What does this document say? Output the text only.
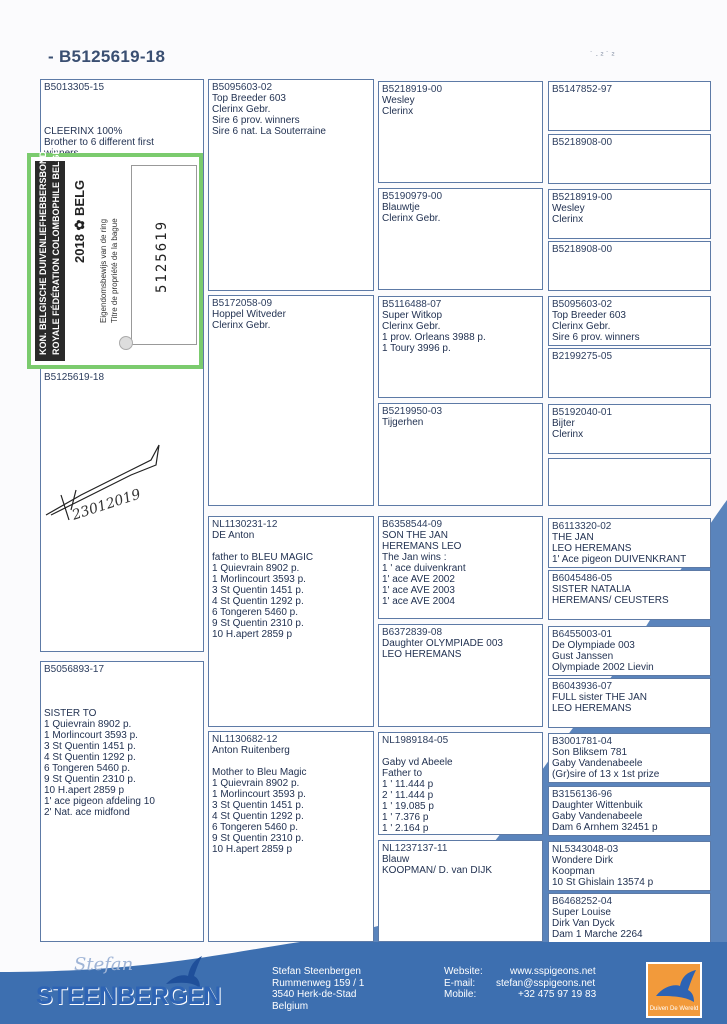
- B5125619-18	˙ ∙ ² ˙ ²
B5013305-15
CLEERINX 100%
Brother to 6 different first
B5125619-18
23012019
KON. BELGISCHE DUIVENLIEFHEBBERSBOND ROYALE FÉDÉRATION COLOMBOPHILE BELGE 2018 ✿ BELG
Eigendomsbewijs van de ring Titre de propriété de la bague	5125619
B5056893-17
SISTER TO
1 Quievrain 8902 p.
1 Morlincourt 3593 p.
3 St Quentin 1451 p.
4 St Quentin 1292 p.
6 Tongeren 5460 p.
9 St Quentin 2310 p.
10 H.apert 2859 p
1' ace pigeon afdeling 10
2' Nat. ace midfond
B5095603-02
Top Breeder 603
Clerinx Gebr.
Sire 6 prov. winners
Sire 6 nat. La Souterraine
B5172058-09
Hoppel Witveder
Clerinx Gebr.
NL1130231-12
DE Anton
father to BLEU MAGIC
1 Quievrain 8902 p.
1 Morlincourt 3593 p.
3 St Quentin 1451 p.
4 St Quentin 1292 p.
6 Tongeren 5460 p.
9 St Quentin 2310 p.
10 H.apert 2859 p
NL1130682-12
Anton Ruitenberg
Mother to Bleu Magic
1 Quievrain 8902 p.
1 Morlincourt 3593 p.
3 St Quentin 1451 p.
4 St Quentin 1292 p.
6 Tongeren 5460 p.
9 St Quentin 2310 p.
10 H.apert 2859 p
B5218919-00
Wesley
Clerinx
B5190979-00
Blauwtje
Clerinx Gebr.
B5116488-07
Super Witkop
Clerinx Gebr.
1 prov. Orleans 3988 p.
1 Toury 3996 p.
B5219950-03
Tijgerhen
B6358544-09
SON THE JAN
HEREMANS LEO
The Jan wins :
1 ' ace duivenkrant
1' ace AVE 2002
1' ace AVE 2003
1' ace AVE 2004
B6372839-08
Daughter OLYMPIADE 003
LEO HEREMANS
NL1989184-05
Gaby vd Abeele
Father to
1 ' 11.444 p
2 ' 11.444 p
1 ' 19.085 p
1 ' 7.376 p
1 ' 2.164 p
NL1237137-11
Blauw
KOOPMAN/ D. van DIJK
B5147852-97
B5218908-00
B5218919-00
Wesley
Clerinx
B5218908-00
B5095603-02
Top Breeder 603
Clerinx Gebr.
Sire 6 prov. winners
B2199275-05
B5192040-01
Bijter
Clerinx
B6113320-02
THE JAN
LEO HEREMANS
1' Ace pigeon DUIVENKRANT
B6045486-05
SISTER NATALIA
HEREMANS/ CEUSTERS
B6455003-01
De Olympiade 003
Gust Janssen
Olympiade 2002 Lievin
B6043936-07
FULL sister THE JAN
LEO HEREMANS
B3001781-04
Son Bliksem 781
Gaby Vandenabeele
(Gr)sire of 13 x 1st prize
B3156136-96
Daughter Wittenbuik
Gaby Vandenabeele
Dam 6 Arnhem 32451 p
NL5343048-03
Wondere Dirk
Koopman
10 St Ghislain 13574 p
B6468252-04
Super Louise
Dirk Van Dyck
Dam 1 Marche 2264
Stefan
STEENBERGEN
Stefan Steenbergen
Rummenweg 159 / 1
3540 Herk-de-Stad
Belgium
Website:
E-mail:
Mobile:
www.sspigeons.net
stefan@sspigeons.net
+32 475 97 19 83
Duiven De Wereld
